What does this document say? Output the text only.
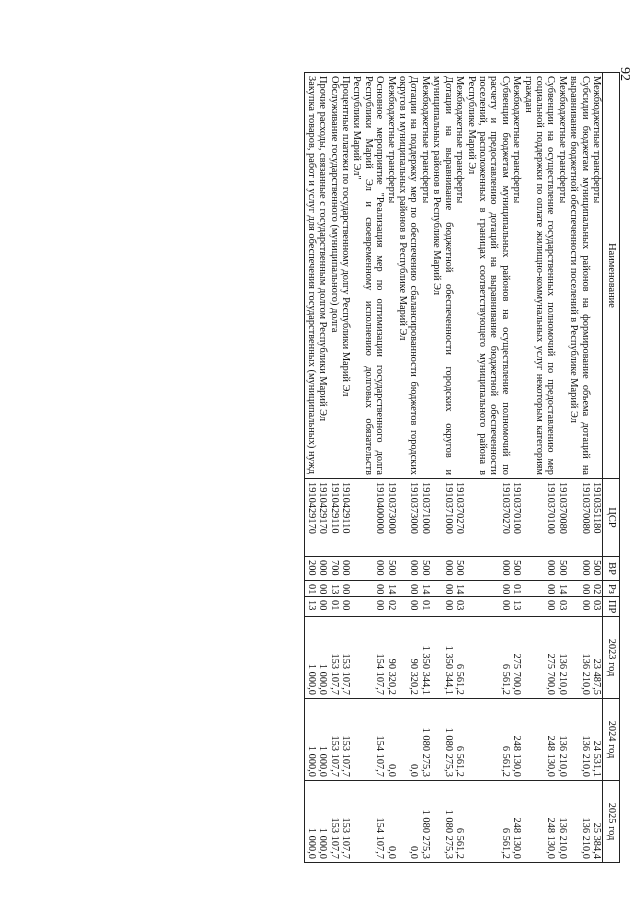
92
Наименование	ЦСР	ВР	Рз	ПР	2023 год	2024 год	2025 год
Межбюджетные трансферты	1910351180	500	02	03	23 487,5	24 531,1	25 384,4
Субсидии бюджетам муниципальных районов на формирование объема дотаций на выравнивание бюджетной обеспеченности поселений в Республике Марий Эл	1910370080	000	00	00	136 210,0	136 210,0	136 210,0
Межбюджетные трансферты	1910370080	500	14	03	136 210,0	136 210,0	136 210,0
Субвенции на осуществление государственных полномочий по предоставлению мер социальной поддержки по оплате жилищно-коммунальных услуг некоторым категориям граждан	1910370100	000	00	00	275 700,0	248 130,0	248 130,0
Межбюджетные трансферты	1910370100	500	01	13	275 700,0	248 130,0	248 130,0
Субвенции бюджетам муниципальных районов на осуществление полномочий по расчету и предоставлению дотаций на выравнивание бюджетной обеспеченности поселений, расположенных в границах соответствующего муниципального района в Республике Марий Эл	1910370270	000	00	00	6 561,2	6 561,2	6 561,2
Межбюджетные трансферты	1910370270	500	14	03	6 561,2	6 561,2	6 561,2
Дотации на выравнивание бюджетной обеспеченности городских округов и муниципальных районов в Республике Марий Эл	1910371000	000	00	00	1 350 344,1	1 080 275,3	1 080 275,3
Межбюджетные трансферты	1910371000	500	14	01	1 350 344,1	1 080 275,3	1 080 275,3
Дотации на поддержку мер по обеспечению сбалансированности бюджетов городских округов и муниципальных районов в Республике Марий Эл	1910373000	000	00	00	90 320,2	0,0	0,0
Межбюджетные трансферты	1910373000	500	14	02	90 320,2	0,0	0,0
Основное мероприятие "Реализация мер по оптимизации государственного долга Республики Марий Эл и своевременному исполнению долговых обязательств Республики Марий Эл"	1910400000	000	00	00	154 107,7	154 107,7	154 107,7
Процентные платежи по государственному долгу Республики Марий Эл	1910429110	000	00	00	153 107,7	153 107,7	153 107,7
Обслуживание государственного (муниципального) долга	1910429110	700	13	01	153 107,7	153 107,7	153 107,7
Прочие расходы, связанные с государственным долгом Республики Марий Эл	1910429170	000	00	00	1 000,0	1 000,0	1 000,0
Закупка товаров, работ и услуг для обеспечения государственных (муниципальных) нужд	1910429170	200	01	13	1 000,0	1 000,0	1 000,0
